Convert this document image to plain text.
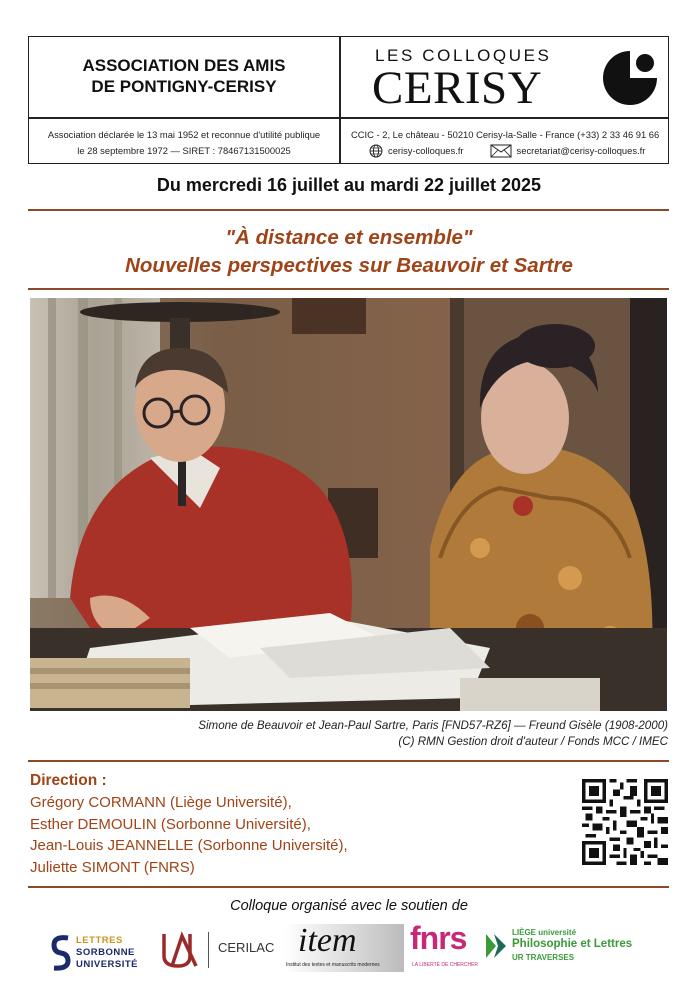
ASSOCIATION DES AMIS
DE PONTIGNY-CERISY
Association déclarée le 13 mai 1952 et reconnue d'utilité publique
le 28 septembre 1972 — SIRET : 78467131500025
LES COLLOQUES
CERISY
CCIC - 2, Le château - 50210 Cerisy-la-Salle - France (+33) 2 33 46 91 66
cerisy-colloques.fr	secretariat@cerisy-colloques.fr
Du mercredi 16 juillet au mardi 22 juillet 2025
"À distance et ensemble"
Nouvelles perspectives sur Beauvoir et Sartre
Simone de Beauvoir et Jean-Paul Sartre, Paris [FND57-RZ6] — Freund Gisèle (1908-2000)
(C) RMN Gestion droit d'auteur / Fonds MCC / IMEC
Direction :
Grégory CORMANN (Liège Université),
Esther DEMOULIN (Sorbonne Université),
Jean-Louis JEANNELLE (Sorbonne Université),
Juliette SIMONT (FNRS)
Colloque organisé avec le soutien de
LETTRES
SORBONNE
UNIVERSITÉ
CERILAC item
Institut des textes et manuscrits modernes
fnrs
LA LIBERTÉ DE CHERCHER
LIÈGE université
Philosophie et Lettres
UR TRAVERSES
